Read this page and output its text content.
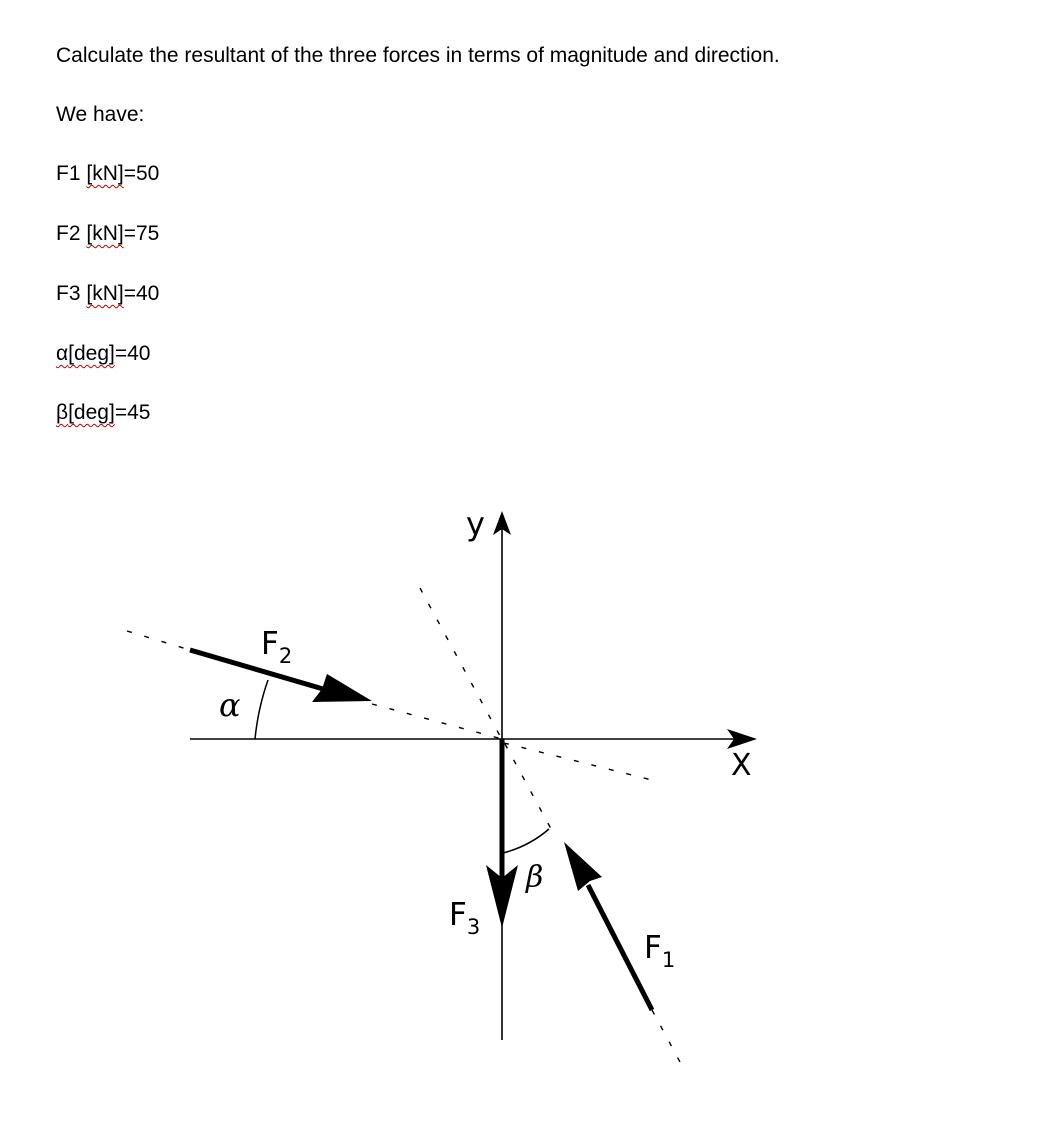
Calculate the resultant of the three forces in terms of magnitude and direction.
We have:
F1 [kN]=50
F2 [kN]=75
F3 [kN]=40
α[deg]=40
β[deg]=45
X
y
α
β
$F_2$
$F_3$
$F_1$
